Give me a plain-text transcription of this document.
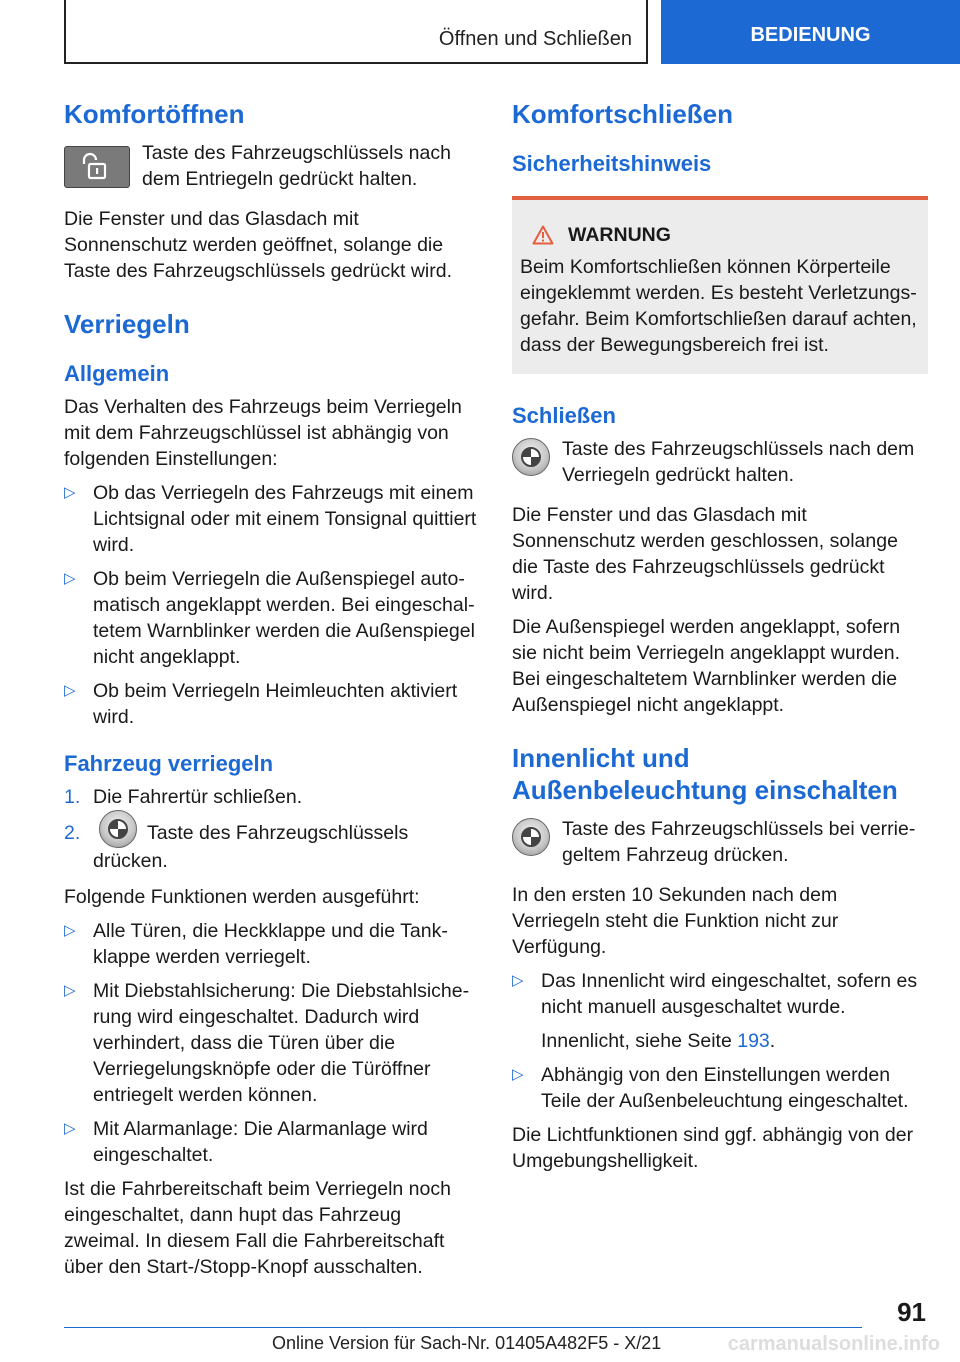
Öffnen und Schließen	BEDIENUNG
Komfortöffnen
Taste des Fahrzeugschlüssels nach dem Entriegeln gedrückt halten.

Die Fenster und das Glasdach mit Sonnenschutz werden geöffnet, solange die Taste des Fahrzeugschlüssels gedrückt wird.

Verriegeln
Allgemein

Das Verhalten des Fahrzeugs beim Verriegeln mit dem Fahrzeugschlüssel ist abhängig von folgenden Einstellungen:

▷ Ob das Verriegeln des Fahrzeugs mit einem Lichtsignal oder mit einem Tonsignal quittiert wird.
▷ Ob beim Verriegeln die Außenspiegel automatisch angeklappt werden. Bei eingeschaltetem Warnblinker werden die Außenspiegel nicht angeklappt.
▷ Ob beim Verriegeln Heimleuchten aktiviert wird.
Fahrzeug verriegeln
1. Die Fahrertür schließen.
2.	Taste des Fahrzeugschlüssels drücken.

Folgende Funktionen werden ausgeführt:

▷ Alle Türen, die Heckklappe und die Tankklappe werden verriegelt.
▷ Mit Diebstahlsicherung: Die Diebstahlsicherung wird eingeschaltet. Dadurch wird verhindert, dass die Türen über die Verriegelungsknöpfe oder die Türöffner entriegelt werden können.
▷ Mit Alarmanlage: Die Alarmanlage wird eingeschaltet.

Ist die Fahrbereitschaft beim Verriegeln noch eingeschaltet, dann hupt das Fahrzeug zweimal. In diesem Fall die Fahrbereitschaft über den Start-/Stopp-Knopf ausschalten.

Komfortschließen
Sicherheitshinweis
WARNUNG

Beim Komfortschließen können Körperteile eingeklemmt werden. Es besteht Verletzungsgefahr. Beim Komfortschließen darauf achten, dass der Bewegungsbereich frei ist.

Schließen
Taste des Fahrzeugschlüssels nach dem Verriegeln gedrückt halten.

Die Fenster und das Glasdach mit Sonnenschutz werden geschlossen, solange die Taste des Fahrzeugschlüssels gedrückt wird.

Die Außenspiegel werden angeklappt, sofern sie nicht beim Verriegeln angeklappt wurden. Bei eingeschaltetem Warnblinker werden die Außenspiegel nicht angeklappt.

Innenlicht und Außenbeleuchtung einschalten
Taste des Fahrzeugschlüssels bei verriegeltem Fahrzeug drücken.

In den ersten 10 Sekunden nach dem Verriegeln steht die Funktion nicht zur Verfügung.

▷ Das Innenlicht wird eingeschaltet, sofern es nicht manuell ausgeschaltet wurde.
Innenlicht, siehe Seite 193.
▷ Abhängig von den Einstellungen werden Teile der Außenbeleuchtung eingeschaltet.

Die Lichtfunktionen sind ggf. abhängig von der Umgebungshelligkeit.

91
Online Version für Sach-Nr. 01405A482F5 - X/21	carmanualsonline.info
